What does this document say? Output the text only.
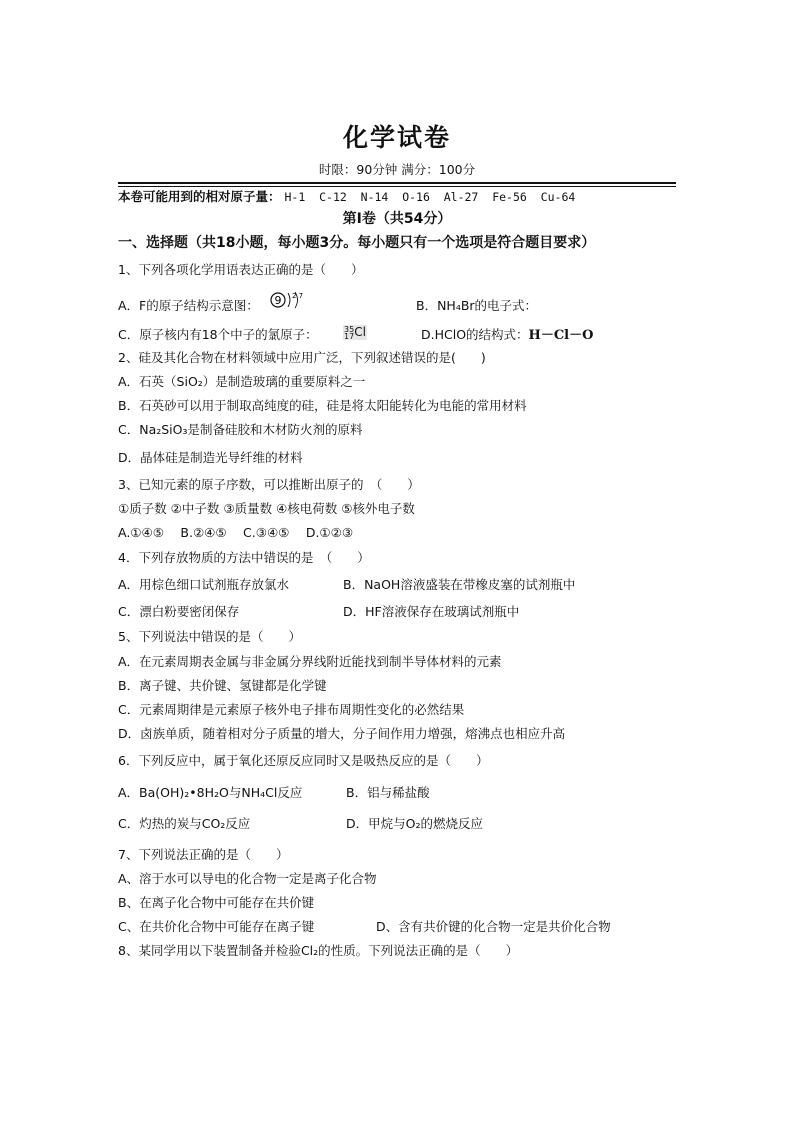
化学试卷
时限：90分钟 满分：100分
本卷可能用到的相对原子量： H-1  C-12  N-14  O-16  Al-27  Fe-56  Cu-64
第Ⅰ卷（共54分）
一、选择题（共18小题，每小题3分。每小题只有一个选项是符合题目要求）
1、下列各项化学用语表达正确的是（　　）
A．F的原子结构示意图： 9 2 7
B．NH₄Br的电子式：
C．原子核内有18个中子的氯原子：	35
17Cl	D.HClO的结构式：H－Cl－O
2、硅及其化合物在材料领域中应用广泛，下列叙述错误的是(　　)
A．石英（SiO₂）是制造玻璃的重要原料之一
B．石英砂可以用于制取高纯度的硅，硅是将太阳能转化为电能的常用材料
C．Na₂SiO₃是制备硅胶和木材防火剂的原料
D．晶体硅是制造光导纤维的材料
3、已知元素的原子序数，可以推断出原子的　（　　）
①质子数 ②中子数 ③质量数 ④核电荷数 ⑤核外电子数
A.①④⑤　 B.②④⑤　 C.③④⑤　 D.①②③
4．下列存放物质的方法中错误的是　（　　）
A．用棕色细口试剂瓶存放氯水	B．NaOH溶液盛装在带橡皮塞的试剂瓶中
C．漂白粉要密闭保存	D．HF溶液保存在玻璃试剂瓶中
5、下列说法中错误的是（　　）
A．在元素周期表金属与非金属分界线附近能找到制半导体材料的元素
B．离子键、共价键、氢键都是化学键
C．元素周期律是元素原子核外电子排布周期性变化的必然结果
D．卤族单质，随着相对分子质量的增大，分子间作用力增强，熔沸点也相应升高
6．下列反应中，属于氧化还原反应同时又是吸热反应的是（　　）
A．Ba(OH)₂•8H₂O与NH₄Cl反应	B．铝与稀盐酸
C．灼热的炭与CO₂反应	D．甲烷与O₂的燃烧反应
7、下列说法正确的是（　　）
A、溶于水可以导电的化合物一定是离子化合物
B、在离子化合物中可能存在共价键
C、在共价化合物中可能存在离子键	D、含有共价键的化合物一定是共价化合物
8、某同学用以下装置制备并检验Cl₂的性质。下列说法正确的是（　　）
